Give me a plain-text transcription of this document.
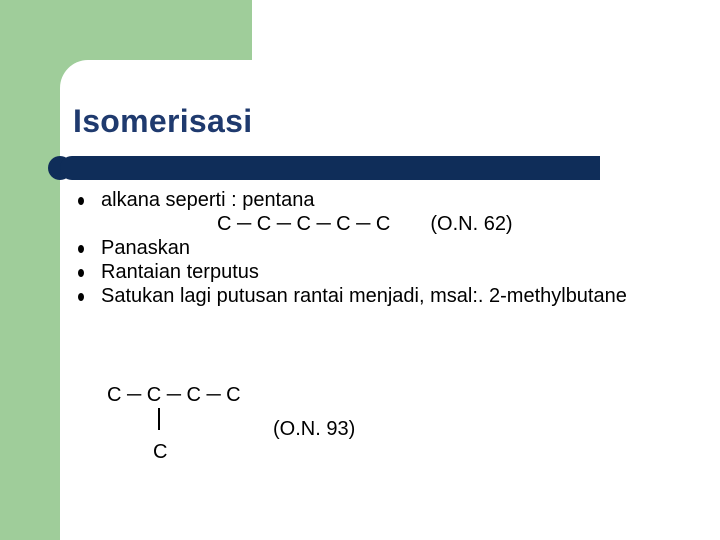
Isomerisasi
alkana seperti : pentana
C ─ C ─ C ─ C ─ C (O.N. 62)
Panaskan
Rantaian terputus
Satukan lagi putusan rantai menjadi, msal:. 2-methylbutane
C ─ C ─ C ─ C
(O.N. 93)
C
